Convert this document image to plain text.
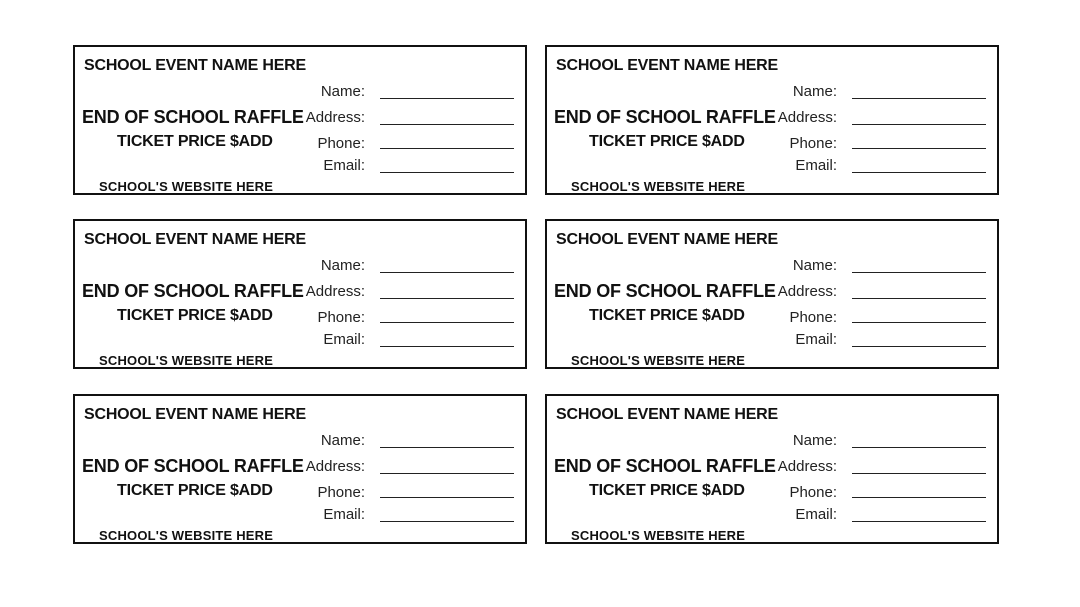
SCHOOL EVENT NAME HERE
Name:
END OF SCHOOL RAFFLE Address:
TICKET PRICE $ADD	Phone:
Email:
SCHOOL'S WEBSITE HERE
SCHOOL EVENT NAME HERE
Name:
END OF SCHOOL RAFFLE Address:
TICKET PRICE $ADD	Phone:
Email:
SCHOOL'S WEBSITE HERE
SCHOOL EVENT NAME HERE
Name:
END OF SCHOOL RAFFLE Address:
TICKET PRICE $ADD	Phone:
Email:
SCHOOL'S WEBSITE HERE
SCHOOL EVENT NAME HERE
Name:
END OF SCHOOL RAFFLE Address:
TICKET PRICE $ADD	Phone:
Email:
SCHOOL'S WEBSITE HERE
SCHOOL EVENT NAME HERE
Name:
END OF SCHOOL RAFFLE Address:
TICKET PRICE $ADD	Phone:
Email:
SCHOOL'S WEBSITE HERE
SCHOOL EVENT NAME HERE
Name:
END OF SCHOOL RAFFLE Address:
TICKET PRICE $ADD	Phone:
Email:
SCHOOL'S WEBSITE HERE
